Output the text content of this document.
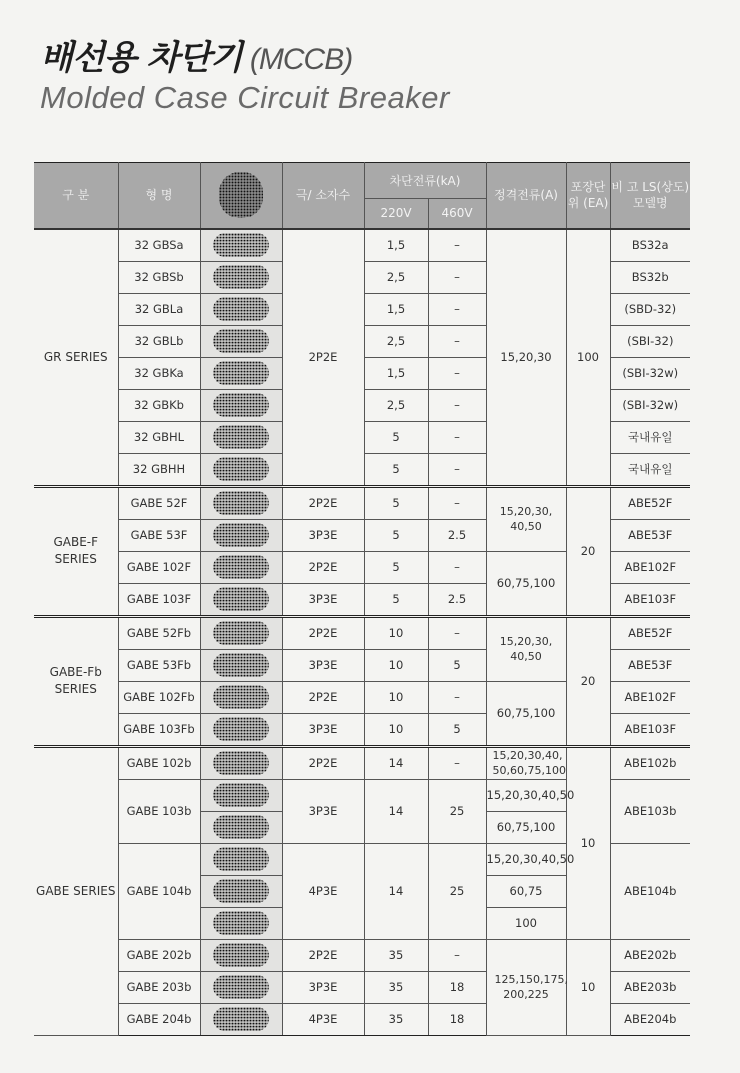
배선용 차단기 (MCCB)
Molded Case Circuit Breaker
구 분	형 명		극/ 소자수	차단전류(kA)		정격전류(A)	포장단위 (EA)	비 고 LS(상도)모델명
				220V	460V			
GR SERIES	32 GBSa		2P2E	1,5	–	15,20,30	100	BS32a
	32 GBSb			2,5	–			BS32b
	32 GBLa			1,5	–			(SBD-32)
	32 GBLb			2,5	–			(SBI-32)
	32 GBKa			1,5	–			(SBI-32w)
	32 GBKb			2,5	–			(SBI-32w)
	32 GBHL			5	–			국내유일
	32 GBHH			5	–			국내유일
GABE-F SERIES	GABE 52F		2P2E	5	–	15,20,30, 40,50	20	ABE52F
	GABE 53F		3P3E	5	2.5			ABE53F
	GABE 102F		2P2E	5	–	60,75,100		ABE102F
	GABE 103F		3P3E	5	2.5			ABE103F
GABE-Fb SERIES	GABE 52Fb		2P2E	10	–	15,20,30, 40,50	20	ABE52F
	GABE 53Fb		3P3E	10	5			ABE53F
	GABE 102Fb		2P2E	10	–	60,75,100		ABE102F
	GABE 103Fb		3P3E	10	5			ABE103F
GABE SERIES	GABE 102b		2P2E	14	–	15,20,30,40, 50,60,75,100	10	ABE102b
	GABE 103b		3P3E	14	25	15,20,30,40,50		ABE103b
						60,75,100		
	GABE 104b		4P3E	14	25	15,20,30,40,50		ABE104b
						60,75		
						100		
	GABE 202b		2P2E	35	–	125,150,175, 200,225	10	ABE202b
	GABE 203b		3P3E	35	18			ABE203b
	GABE 204b		4P3E	35	18			ABE204b
